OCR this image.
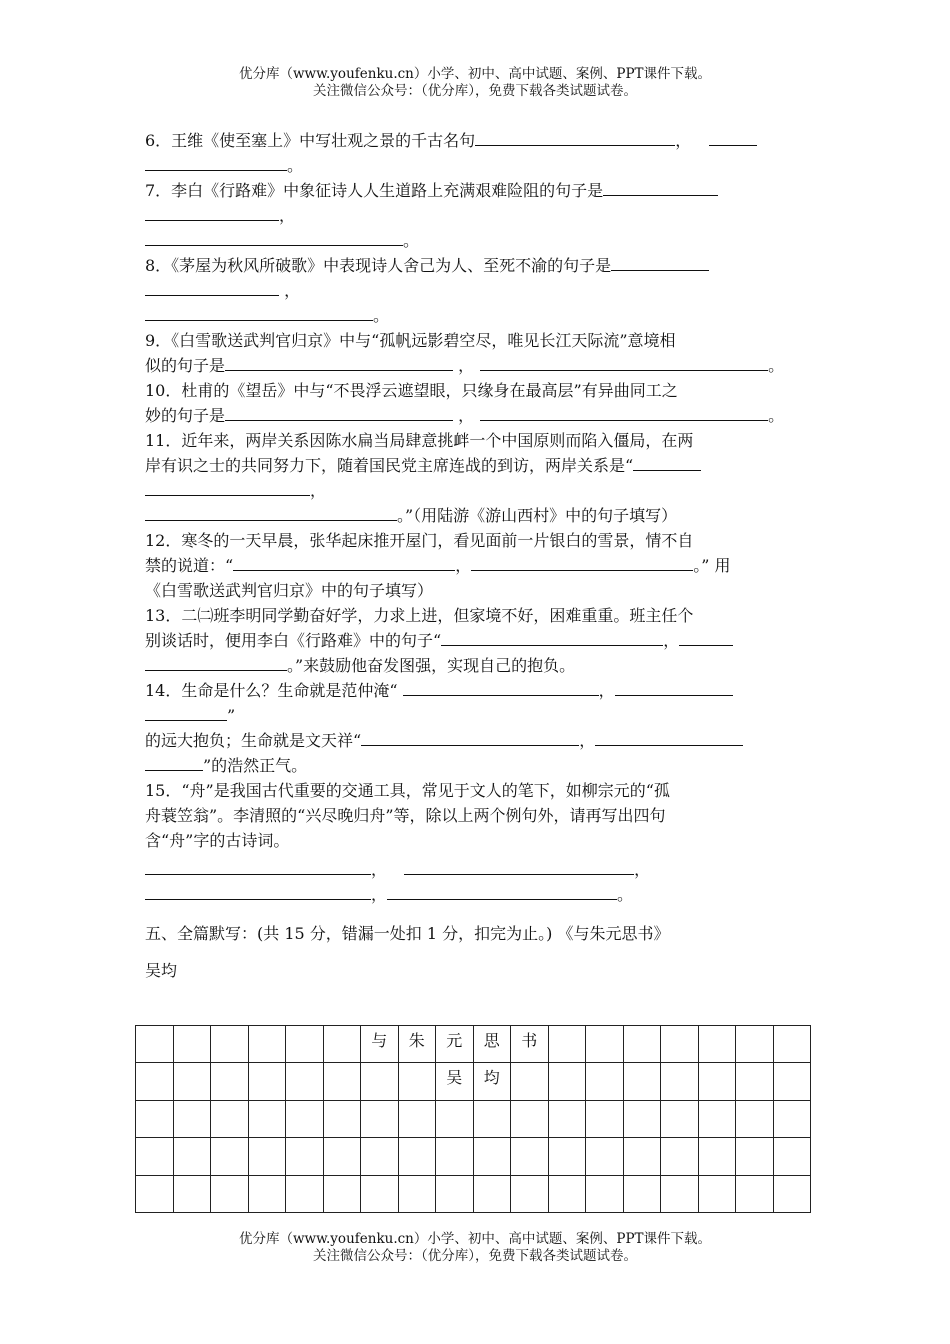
优分库（www.youfenku.cn）小学、初中、高中试题、案例、PPT课件下载。
关注微信公众号：（优分库），免费下载各类试题试卷。

6．王维《使至塞上》中写壮观之景的千古名句	，

。

7．李白《行路难》中象征诗人人生道路上充满艰难险阻的句子是

，

。

8．《茅屋为秋风所破歌》中表现诗人舍己为人、至死不渝的句子是

，

。

9．《白雪歌送武判官归京》中与“孤帆远影碧空尽，唯见长江天际流”意境相

似的句子是	，	。

10．杜甫的《望岳》中与“不畏浮云遮望眼，只缘身在最高层”有异曲同工之

妙的句子是	，	。

11．近年来，两岸关系因陈水扁当局肆意挑衅一个中国原则而陷入僵局，在两

岸有识之士的共同努力下，随着国民党主席连战的到访，两岸关系是“

，

。”（用陆游《游山西村》中的句子填写）

12．寒冬的一天早晨，张华起床推开屋门，看见面前一片银白的雪景，情不自

禁的说道：“	，	。” 用

《白雪歌送武判官归京》中的句子填写）

13．二㈡班李明同学勤奋好学，力求上进，但家境不好，困难重重。班主任个

别谈话时，便用李白《行路难》中的句子“	，

。”来鼓励他奋发图强，实现自己的抱负。

14．生命是什么？生命就是范仲淹“	，

”

的远大抱负；生命就是文天祥“	，

”的浩然正气。

15．“舟”是我国古代重要的交通工具，常见于文人的笔下，如柳宗元的“孤

舟蓑笠翁”。李清照的“兴尽晚归舟”等，除以上两个例句外，请再写出四句

含“舟”字的古诗词。

，	，

，	。

五、全篇默写：(共 15 分，错漏一处扣 1 分，扣完为止。) 《与朱元思书》
吴均
						与	朱	元	思	书							
								吴	均								

优分库（www.youfenku.cn）小学、初中、高中试题、案例、PPT课件下载。
关注微信公众号：（优分库），免费下载各类试题试卷。
